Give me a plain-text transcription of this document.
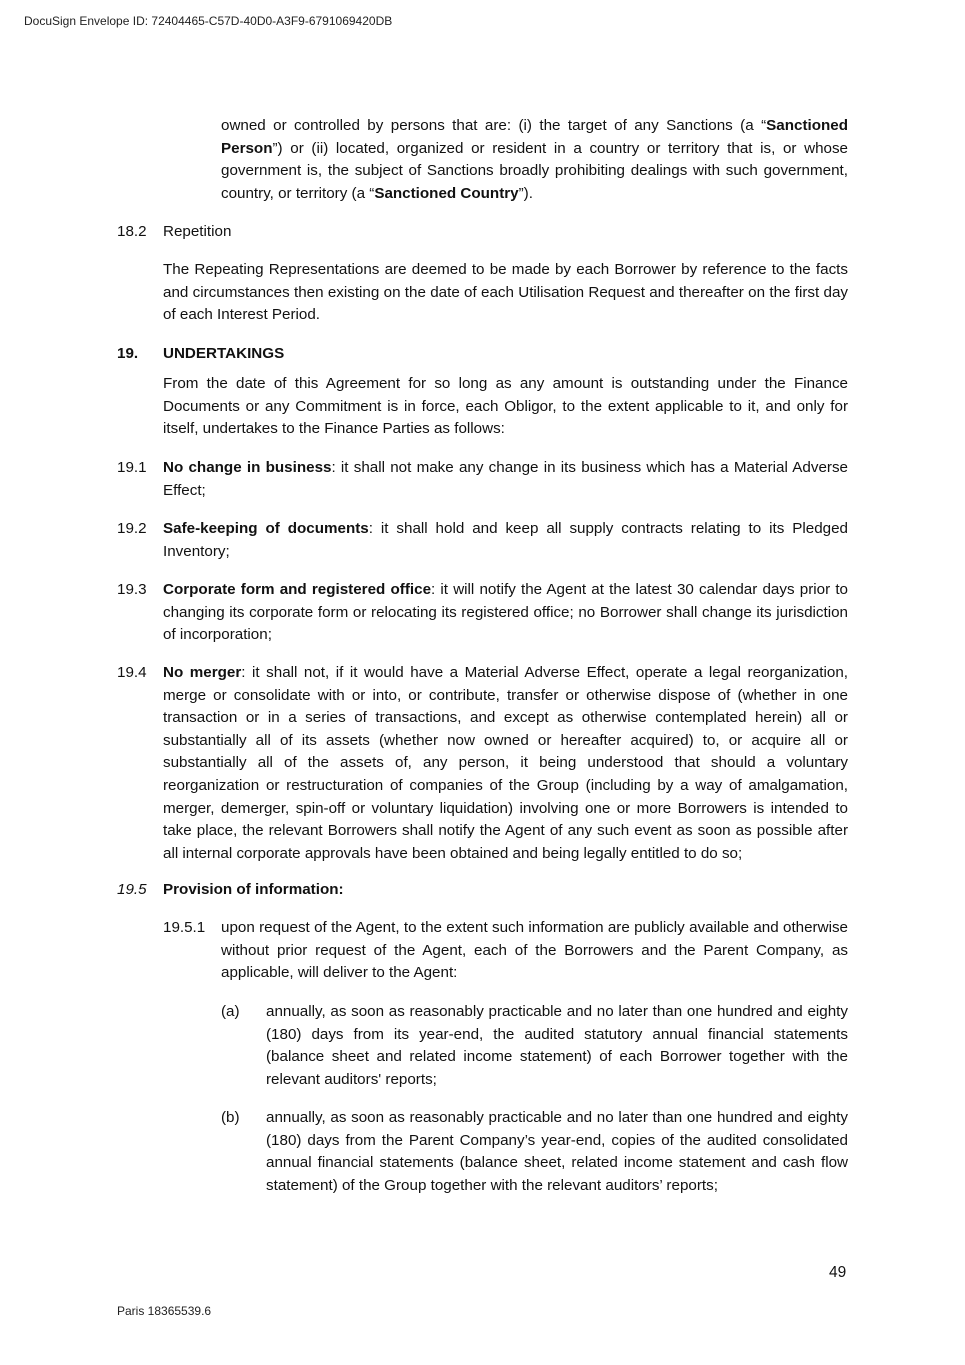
DocuSign Envelope ID: 72404465-C57D-40D0-A3F9-6791069420DB

owned or controlled by persons that are: (i) the target of any Sanctions (a “Sanctioned Person”) or (ii) located, organized or resident in a country or territory that is, or whose government is, the subject of Sanctions broadly prohibiting dealings with such government, country, or territory (a “Sanctioned Country”).

18.2 Repetition

The Repeating Representations are deemed to be made by each Borrower by reference to the facts and circumstances then existing on the date of each Utilisation Request and thereafter on the first day of each Interest Period.

19. UNDERTAKINGS

From the date of this Agreement for so long as any amount is outstanding under the Finance Documents or any Commitment is in force, each Obligor, to the extent applicable to it, and only for itself, undertakes to the Finance Parties as follows:

19.1 No change in business: it shall not make any change in its business which has a Material Adverse Effect;

19.2 Safe-keeping of documents: it shall hold and keep all supply contracts relating to its Pledged Inventory;

19.3 Corporate form and registered office: it will notify the Agent at the latest 30 calendar days prior to changing its corporate form or relocating its registered office; no Borrower shall change its jurisdiction of incorporation;

19.4 No merger: it shall not, if it would have a Material Adverse Effect, operate a legal reorganization, merge or consolidate with or into, or contribute, transfer or otherwise dispose of (whether in one transaction or in a series of transactions, and except as otherwise contemplated herein) all or substantially all of its assets (whether now owned or hereafter acquired) to, or acquire all or substantially all of the assets of, any person, it being understood that should a voluntary reorganization or restructuration of companies of the Group (including by a way of amalgamation, merger, demerger, spin-off or voluntary liquidation) involving one or more Borrowers is intended to take place, the relevant Borrowers shall notify the Agent of any such event as soon as possible after all internal corporate approvals have been obtained and being legally entitled to do so;

19.5 Provision of information:
19.5.1 upon request of the Agent, to the extent such information are publicly available and otherwise without prior request of the Agent, each of the Borrowers and the Parent Company, as applicable, will deliver to the Agent:

(a) annually, as soon as reasonably practicable and no later than one hundred and eighty (180) days from its year-end, the audited statutory annual financial statements (balance sheet and related income statement) of each Borrower together with the relevant auditors' reports;

(b) annually, as soon as reasonably practicable and no later than one hundred and eighty (180) days from the Parent Company’s year-end, copies of the audited consolidated annual financial statements (balance sheet, related income statement and cash flow statement) of the Group together with the relevant auditors’ reports;

49
Paris 18365539.6
